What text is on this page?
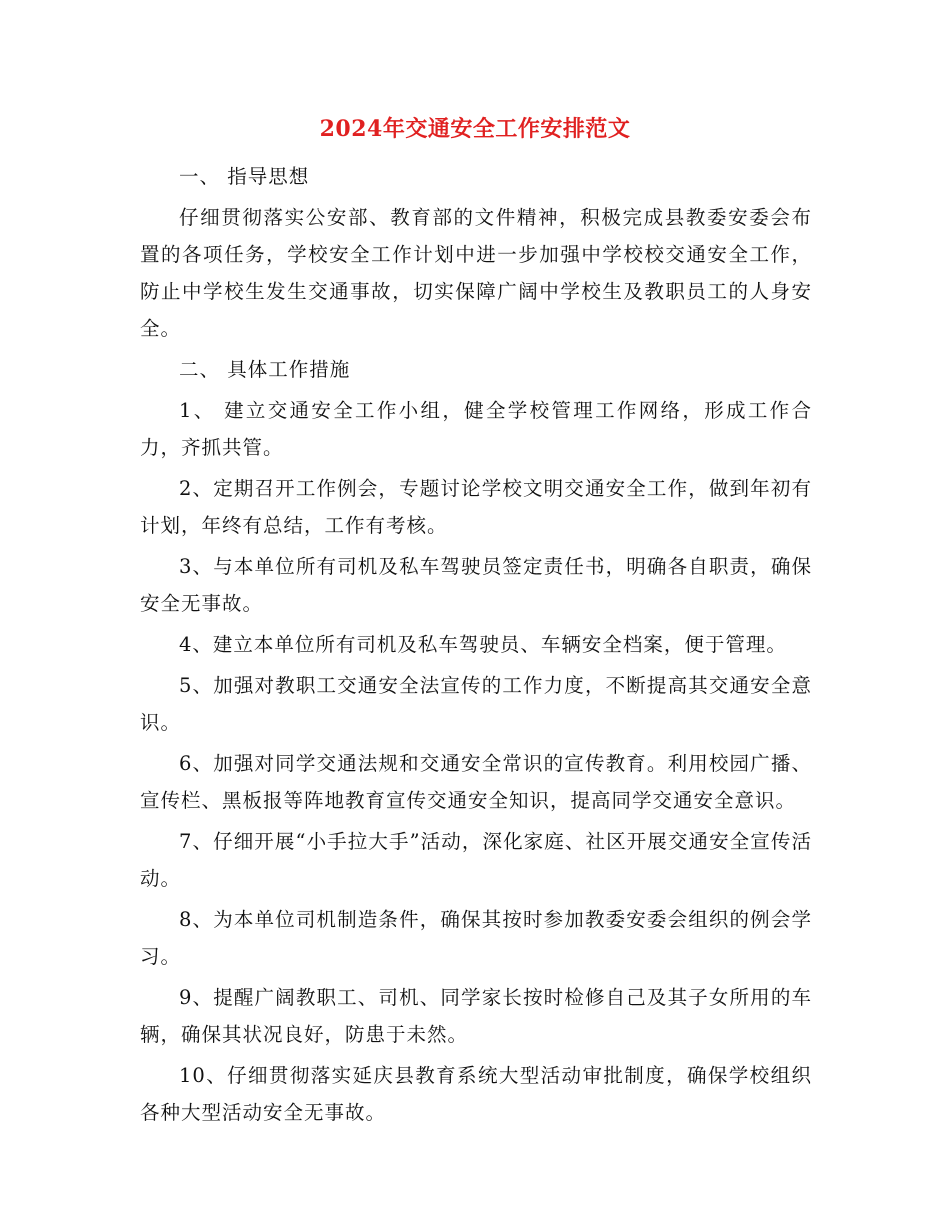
2024年交通安全工作安排范文

一、 指导思想

仔细贯彻落实公安部、教育部的文件精神，积极完成县教委安委会布置的各项任务，学校安全工作计划中进一步加强中学校校交通安全工作，防止中学校生发生交通事故，切实保障广阔中学校生及教职员工的人身安全。

二、 具体工作措施

1、 建立交通安全工作小组，健全学校管理工作网络，形成工作合力，齐抓共管。

2、定期召开工作例会，专题讨论学校文明交通安全工作，做到年初有计划，年终有总结，工作有考核。

3、与本单位所有司机及私车驾驶员签定责任书，明确各自职责，确保安全无事故。

4、建立本单位所有司机及私车驾驶员、车辆安全档案，便于管理。

5、加强对教职工交通安全法宣传的工作力度，不断提高其交通安全意识。

6、加强对同学交通法规和交通安全常识的宣传教育。利用校园广播、宣传栏、黑板报等阵地教育宣传交通安全知识，提高同学交通安全意识。

7、仔细开展“小手拉大手”活动，深化家庭、社区开展交通安全宣传活动。

8、为本单位司机制造条件，确保其按时参加教委安委会组织的例会学习。

9、提醒广阔教职工、司机、同学家长按时检修自己及其子女所用的车辆，确保其状况良好，防患于未然。

10、仔细贯彻落实延庆县教育系统大型活动审批制度，确保学校组织各种大型活动安全无事故。
